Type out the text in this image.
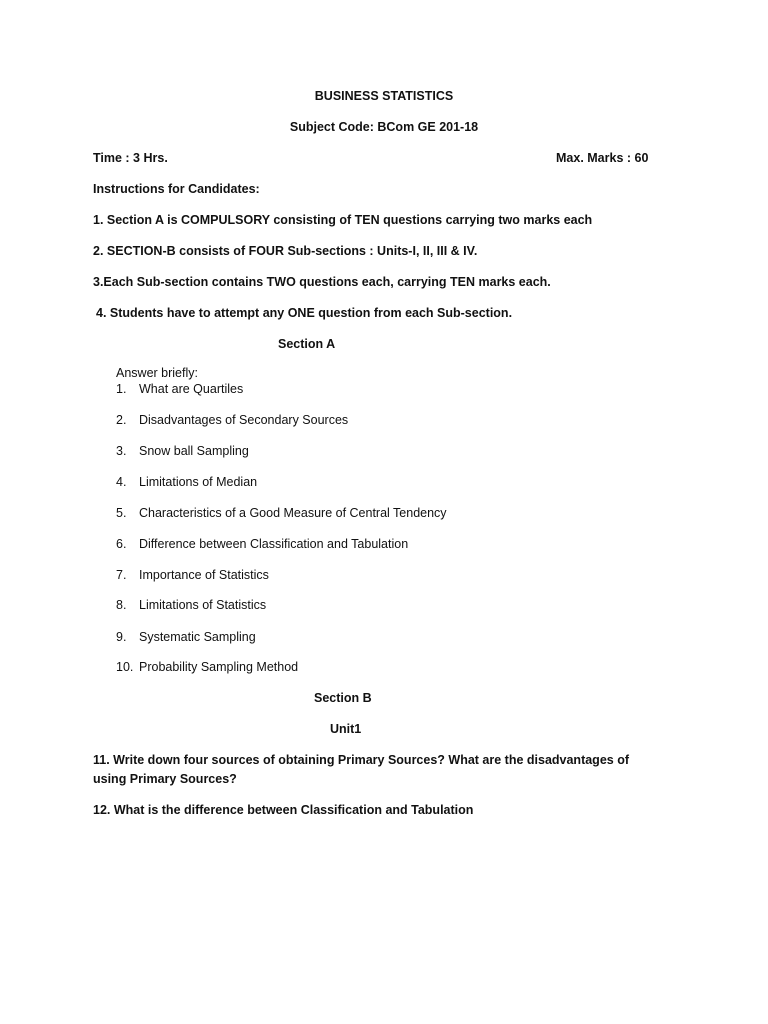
BUSINESS STATISTICS
Subject Code: BCom GE 201-18
Time : 3 Hrs.	Max. Marks : 60
Instructions for Candidates:
1. Section A is COMPULSORY consisting of TEN questions carrying two marks each
2. SECTION-B consists of FOUR Sub-sections : Units-I, II, III & IV.
3.Each Sub-section contains TWO questions each, carrying TEN marks each.
4. Students have to attempt any ONE question from each Sub-section.
Section A
Answer briefly:
1. What are Quartiles
2. Disadvantages of Secondary Sources
3. Snow ball Sampling
4. Limitations of Median
5. Characteristics of a Good Measure of Central Tendency
6. Difference between Classification and Tabulation
7. Importance of Statistics
8. Limitations of Statistics
9. Systematic Sampling
10. Probability Sampling Method
Section B
Unit1
11. Write down four sources of obtaining Primary Sources? What are the disadvantages of using Primary Sources?
12. What is the difference between Classification and Tabulation
